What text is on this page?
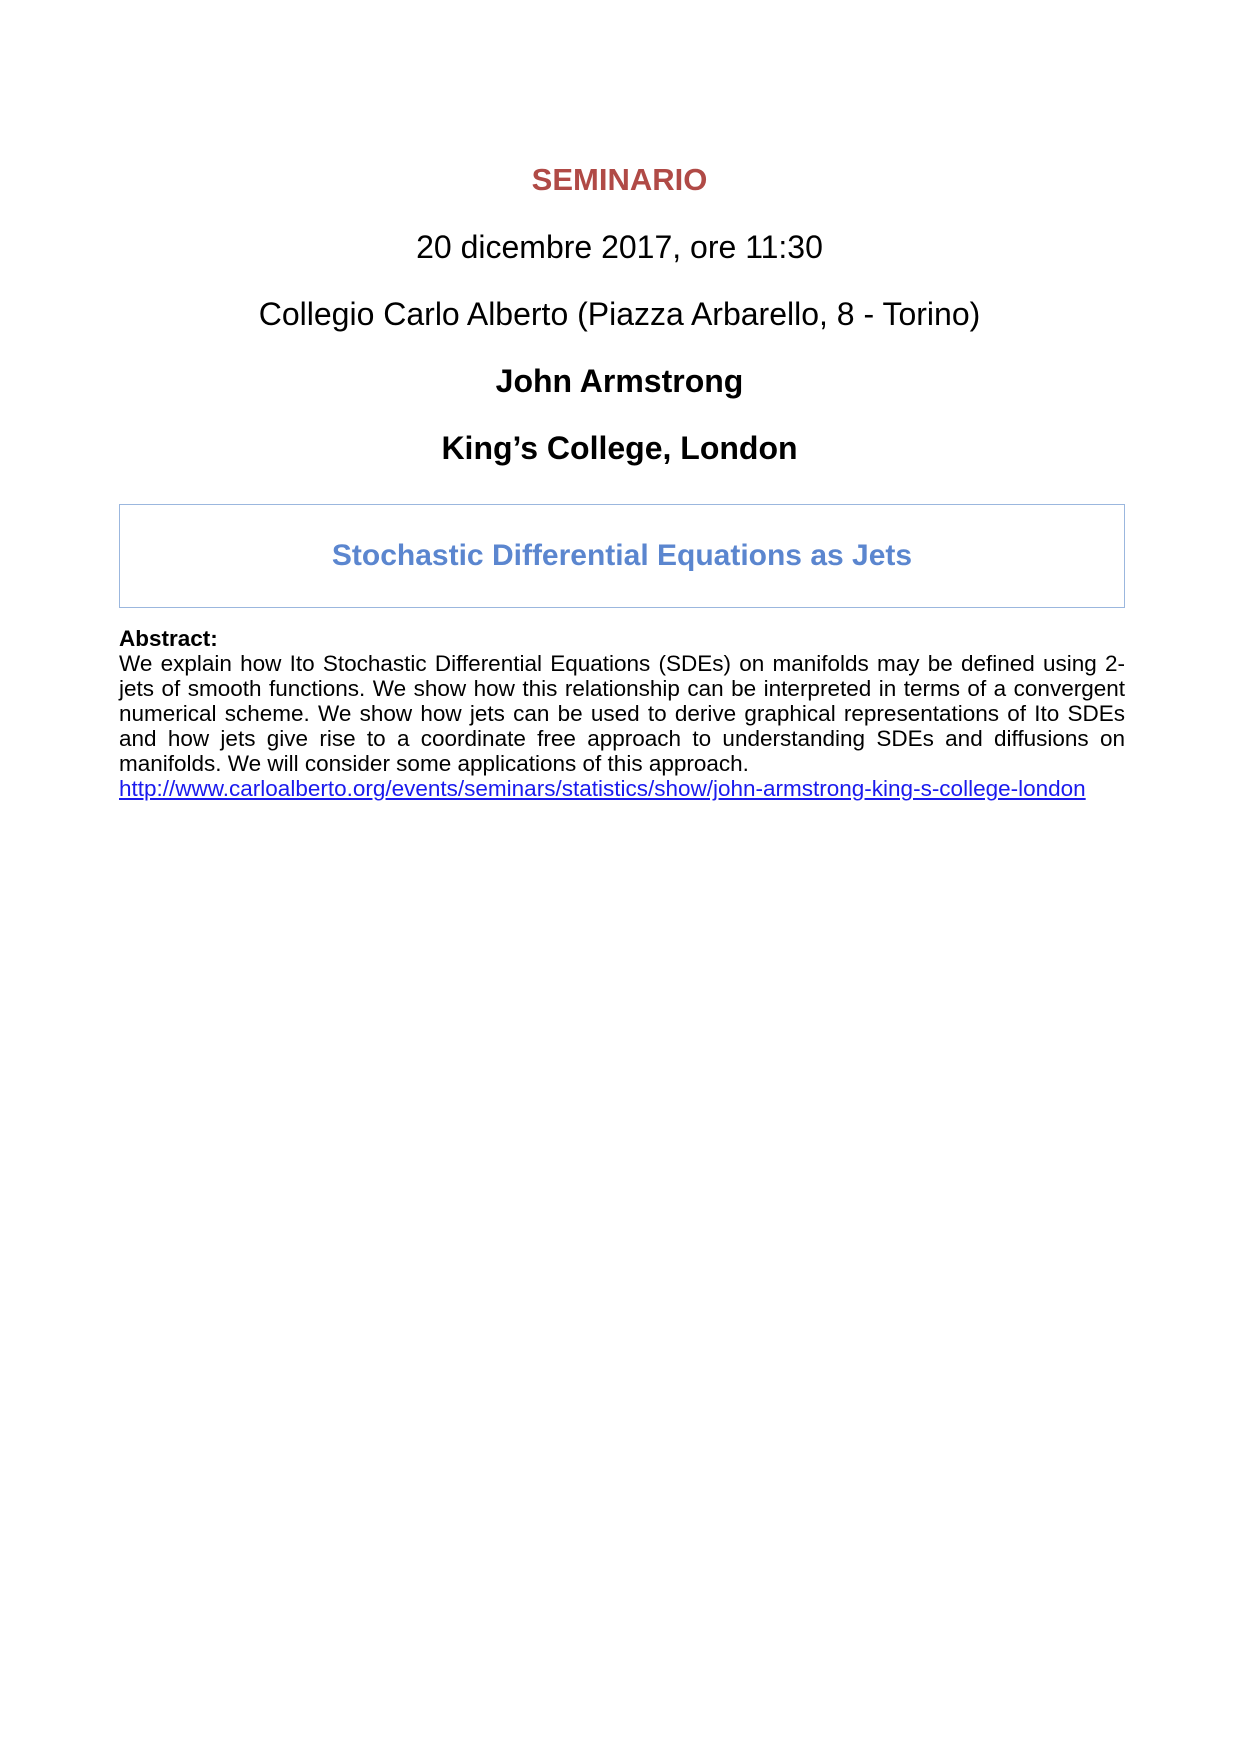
SEMINARIO
20 dicembre 2017, ore 11:30
Collegio Carlo Alberto (Piazza Arbarello, 8 - Torino)
John Armstrong
King’s College, London
Stochastic Differential Equations as Jets
Abstract:
We explain how Ito Stochastic Differential Equations (SDEs) on manifolds may be defined using 2-jets of smooth functions. We show how this relationship can be interpreted in terms of a convergent numerical scheme. We show how jets can be used to derive graphical representations of Ito SDEs and how jets give rise to a coordinate free approach to understanding SDEs and diffusions on manifolds. We will consider some applications of this approach.
http://www.carloalberto.org/events/seminars/statistics/show/john-armstrong-king-s-college-london
